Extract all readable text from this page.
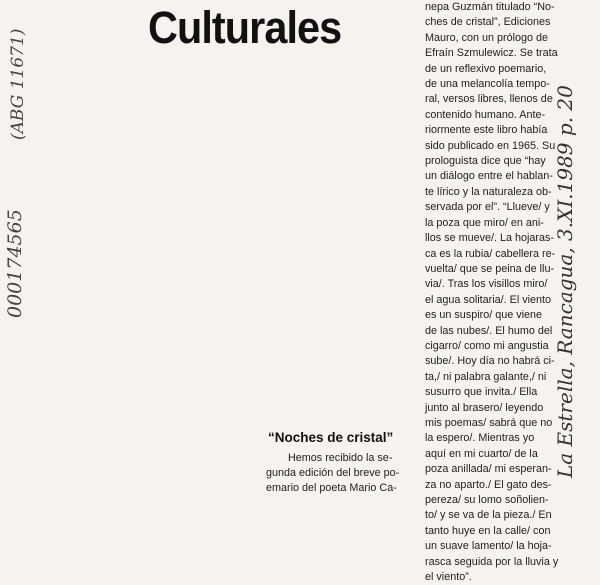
Culturales
(ABG 11671)
000174565	La Estrella, Rancagua, 3.XI.1989 p. 20
nepa Guzmán titulado “No-
ches de cristal”, Ediciones
Mauro, con un prólogo de
Efraín Szmulewicz. Se trata
de un reflexivo poemario,
de una melancolía tempo-
ral, versos libres, llenos de
contenido humano. Ante-
riormente este libro había
sido publicado en 1965. Su
prologuista dice que “hay
un diálogo entre el hablan-
te lírico y la naturaleza ob-
servada por el”. “Llueve/ y
la poza que miro/ en ani-
llos se mueve/. La hojaras-
ca es la rubia/ cabellera re-
vuelta/ que se peina de llu-
via/. Tras los visillos miro/
el agua solitaria/. El viento
es un suspiro/ que viene
de las nubes/. El humo del
cigarro/ como mi angustia
sube/. Hoy día no habrá ci-
ta,/ ni palabra galante,/ ni
susurro que invita./ Ella
junto al brasero/ leyendo
mis poemas/ sabrá que no
la espero/. Mientras yo
aquí en mi cuarto/ de la
poza anillada/ mi esperan-
za no aparto./ El gato des-
pereza/ su lomo soñolien-
to/ y se va de la pieza./ En
tanto huye en la calle/ con
un suave lamento/ la hoja-
rasca seguida por la lluvia y
el viento”.
“Noches de cristal”
Hemos recibido la se-
gunda edición del breve po-
emario del poeta Mario Ca-
